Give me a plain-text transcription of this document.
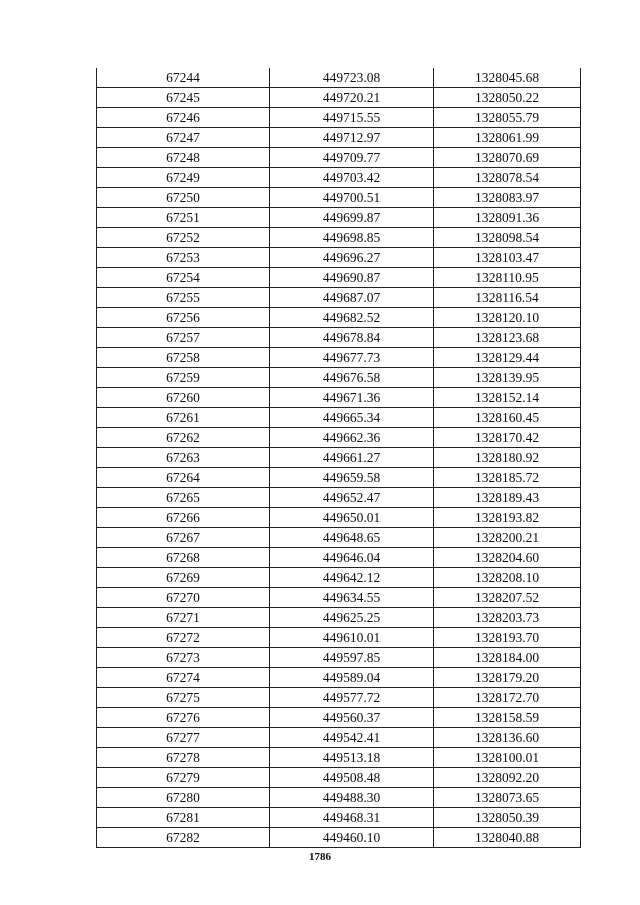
67244	449723.08	1328045.68
67245	449720.21	1328050.22
67246	449715.55	1328055.79
67247	449712.97	1328061.99
67248	449709.77	1328070.69
67249	449703.42	1328078.54
67250	449700.51	1328083.97
67251	449699.87	1328091.36
67252	449698.85	1328098.54
67253	449696.27	1328103.47
67254	449690.87	1328110.95
67255	449687.07	1328116.54
67256	449682.52	1328120.10
67257	449678.84	1328123.68
67258	449677.73	1328129.44
67259	449676.58	1328139.95
67260	449671.36	1328152.14
67261	449665.34	1328160.45
67262	449662.36	1328170.42
67263	449661.27	1328180.92
67264	449659.58	1328185.72
67265	449652.47	1328189.43
67266	449650.01	1328193.82
67267	449648.65	1328200.21
67268	449646.04	1328204.60
67269	449642.12	1328208.10
67270	449634.55	1328207.52
67271	449625.25	1328203.73
67272	449610.01	1328193.70
67273	449597.85	1328184.00
67274	449589.04	1328179.20
67275	449577.72	1328172.70
67276	449560.37	1328158.59
67277	449542.41	1328136.60
67278	449513.18	1328100.01
67279	449508.48	1328092.20
67280	449488.30	1328073.65
67281	449468.31	1328050.39
67282	449460.10	1328040.88
1786
